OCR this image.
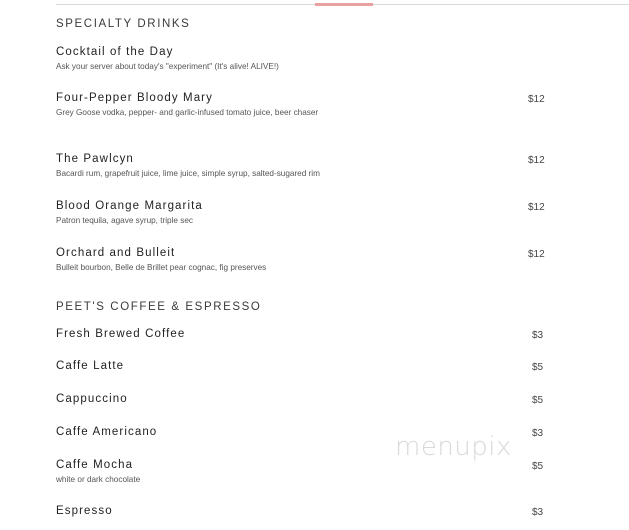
SPECIALTY DRINKS
Cocktail of the Day
Ask your server about today's "experiment" (It's alive! ALIVE!)
Four-Pepper Bloody Mary
Grey Goose vodka, pepper- and garlic-infused tomato juice, beer chaser
$12
The Pawlcyn
Bacardi rum, grapefruit juice, lime juice, simple syrup, salted-sugared rim
$12
Blood Orange Margarita
Patron tequila, agave syrup, triple sec
$12
Orchard and Bulleit
Bulleit bourbon, Belle de Brillet pear cognac, fig preserves
$12
PEET'S COFFEE & ESPRESSO
Fresh Brewed Coffee	$3
Caffe Latte	$5
Cappuccino	$5
Caffe Americano	$3
Caffe Mocha
white or dark chocolate
$5
Espresso	$3
menupix
